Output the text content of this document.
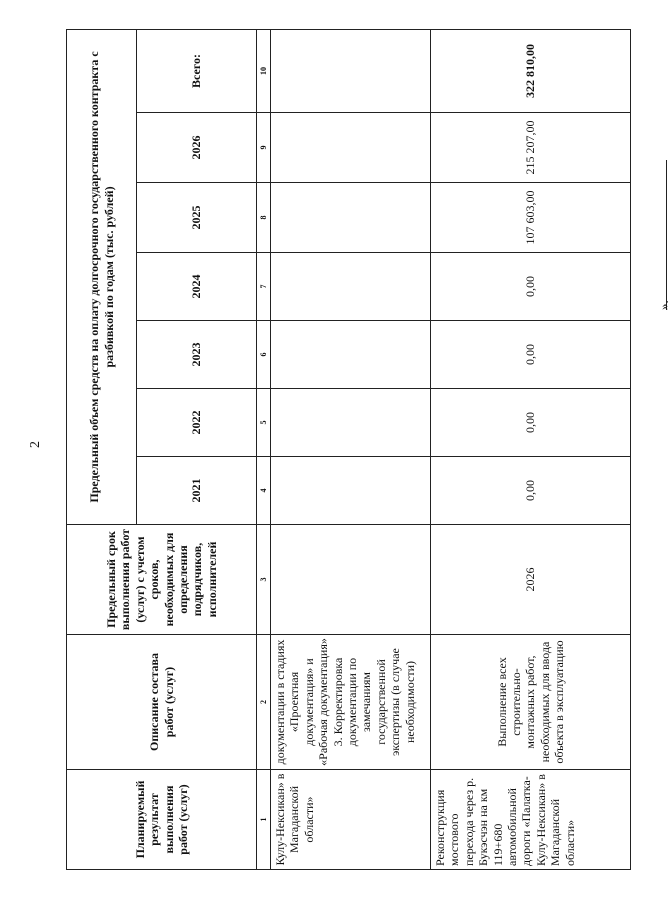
2
Планируемый результат выполнения работ (услуг)	Описание состава работ (услуг)	Предельный срок выполнения работ (услуг) с учетом сроков, необходимых для определения подрядчиков, исполнителей	Предельный объем средств на оплату долгосрочного государственного контракта с разбивкой по годам (тыс. рублей)						
			2021	2022	2023	2024	2025	2026	Всего:
1	2	3	4	5	6	7	8	9	10
Кулу-Нексикан» в Магаданской области»	документации в стадиях «Проектная документация» и «Рабочая документация» 3. Корректировка документации по замечаниям государственной экспертизы (в случае необходимости)								
Реконструкция мостового перехода через р. Букэсчэн на км 119+680 автомобильной дороги «Палатка-Кулу-Нексикан» в Магаданской области»	Выполнение всех строительно- монтажных работ, необходимых для ввода объекта в эксплуатацию	2026	0,00	0,00	0,00	0,00	107 603,00	215 207,00	322 810,00
».
